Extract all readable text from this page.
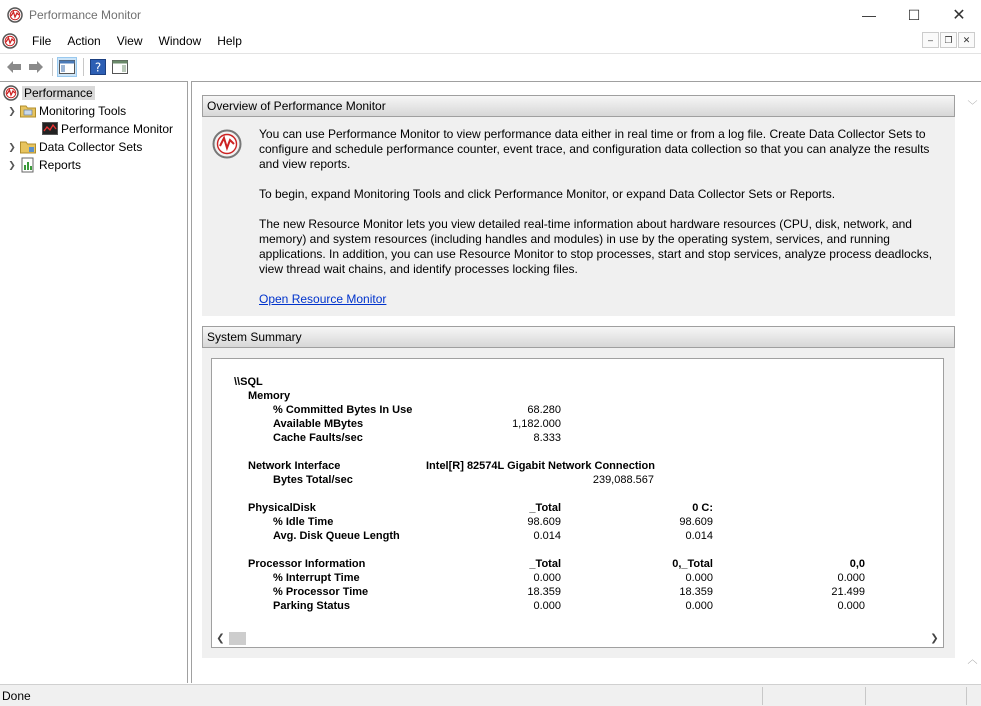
Performance Monitor	—	☐	✕
File	Action	View	Window	Help	–	❐	✕
?
Performance
❯ Monitoring Tools
Performance Monitor
❯ Data Collector Sets
❯ Reports
Overview of Performance Monitor

You can use Performance Monitor to view performance data either in real time or from a log file. Create Data Collector Sets to configure and schedule performance counter, event trace, and configuration data collection so that you can analyze the results and view reports.

To begin, expand Monitoring Tools and click Performance Monitor, or expand Data Collector Sets or Reports.

The new Resource Monitor lets you view detailed real-time information about hardware resources (CPU, disk, network, and memory) and system resources (including handles and modules) in use by the operating system, services, and running applications. In addition, you can use Resource Monitor to stop processes, start and stop services, analyze process deadlocks, view thread wait chains, and identify processes locking files.

Open Resource Monitor
System Summary
\\SQL
Memory
% Committed Bytes In Use	68.280
Available MBytes	1,182.000
Cache Faults/sec	8.333
Network Interface	Intel[R] 82574L Gigabit Network Connection
Bytes Total/sec	239,088.567
PhysicalDisk	_Total	0 C:
% Idle Time	98.609	98.609
Avg. Disk Queue Length	0.014	0.014
Processor Information	_Total	0,_Total	0,0
% Interrupt Time	0.000	0.000	0.000
% Processor Time	18.359	18.359	21.499
Parking Status	0.000	0.000	0.000
❮	❯
﹀
︿
Done
